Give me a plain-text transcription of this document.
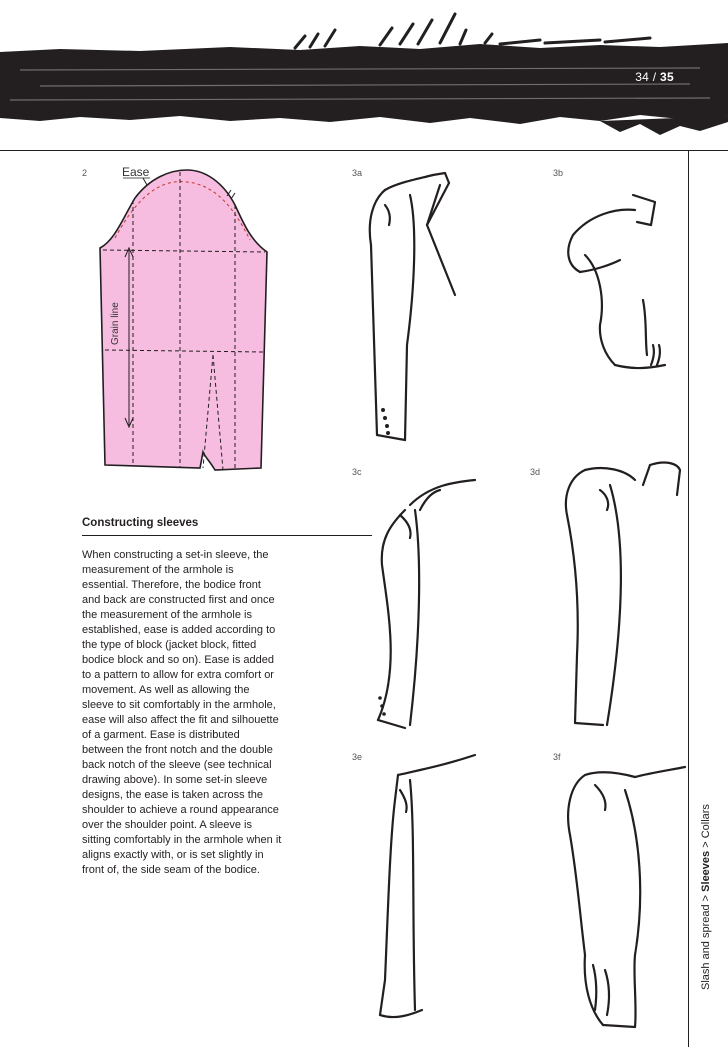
34 / 35
2	Ease
Grain line
3a	3b
3c	3d
3e	3f
Constructing sleeves
When constructing a set-in sleeve, the measurement of the armhole is essential. Therefore, the bodice front and back are constructed first and once the measurement of the armhole is established, ease is added according to the type of block (jacket block, fitted bodice block and so on). Ease is added to a pattern to allow for extra comfort or movement. As well as allowing the sleeve to sit comfortably in the armhole, ease will also affect the fit and silhouette of a garment. Ease is distributed between the front notch and the double back notch of the sleeve (see technical drawing above). In some set-in sleeve designs, the ease is taken across the shoulder to achieve a round appearance over the shoulder point. A sleeve is sitting comfortably in the armhole when it aligns exactly with, or is set slightly in front of, the side seam of the bodice.
Slash and spread > Sleeves > Collars
